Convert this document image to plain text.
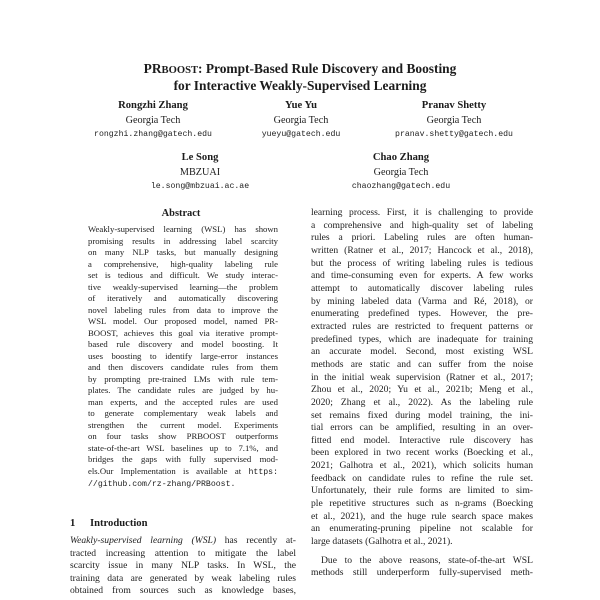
PRBOOST: Prompt-Based Rule Discovery and Boosting
for Interactive Weakly-Supervised Learning
Rongzhi Zhang
Georgia Tech
rongzhi.zhang@gatech.edu
Yue Yu
Georgia Tech
yueyu@gatech.edu
Pranav Shetty
Georgia Tech
pranav.shetty@gatech.edu
Le Song
MBZUAI
le.song@mbzuai.ac.ae
Chao Zhang
Georgia Tech
chaozhang@gatech.edu
Abstract
Weakly-supervised learning (WSL) has shown
promising results in addressing label scarcity
on many NLP tasks, but manually designing
a comprehensive, high-quality labeling rule
set is tedious and difficult. We study interac-
tive weakly-supervised learning—the problem
of iteratively and automatically discovering
novel labeling rules from data to improve the
WSL model. Our proposed model, named PR-
BOOST, achieves this goal via iterative prompt-
based rule discovery and model boosting. It
uses boosting to identify large-error instances
and then discovers candidate rules from them
by prompting pre-trained LMs with rule tem-
plates. The candidate rules are judged by hu-
man experts, and the accepted rules are used
to generate complementary weak labels and
strengthen the current model. Experiments
on four tasks show PRBOOST outperforms
state-of-the-art WSL baselines up to 7.1%, and
bridges the gaps with fully supervised mod-
els.Our Implementation is available at https:
//github.com/rz-zhang/PRBoost.
1 Introduction
Weakly-supervised learning (WSL) has recently at-
tracted increasing attention to mitigate the label
scarcity issue in many NLP tasks. In WSL, the
training data are generated by weak labeling rules
obtained from sources such as knowledge bases,
learning process. First, it is challenging to provide
a comprehensive and high-quality set of labeling
rules a priori. Labeling rules are often human-
written (Ratner et al., 2017; Hancock et al., 2018),
but the process of writing labeling rules is tedious
and time-consuming even for experts. A few works
attempt to automatically discover labeling rules
by mining labeled data (Varma and Ré, 2018), or
enumerating predefined types. However, the pre-
extracted rules are restricted to frequent patterns or
predefined types, which are inadequate for training
an accurate model. Second, most existing WSL
methods are static and can suffer from the noise
in the initial weak supervision (Ratner et al., 2017;
Zhou et al., 2020; Yu et al., 2021b; Meng et al.,
2020; Zhang et al., 2022). As the labeling rule
set remains fixed during model training, the ini-
tial errors can be amplified, resulting in an over-
fitted end model. Interactive rule discovery has
been explored in two recent works (Boecking et al.,
2021; Galhotra et al., 2021), which solicits human
feedback on candidate rules to refine the rule set.
Unfortunately, their rule forms are limited to sim-
ple repetitive structures such as n-grams (Boecking
et al., 2021), and the huge rule search space makes
an enumerating-pruning pipeline not scalable for
large datasets (Galhotra et al., 2021).
Due to the above reasons, state-of-the-art WSL
methods still underperform fully-supervised meth-
